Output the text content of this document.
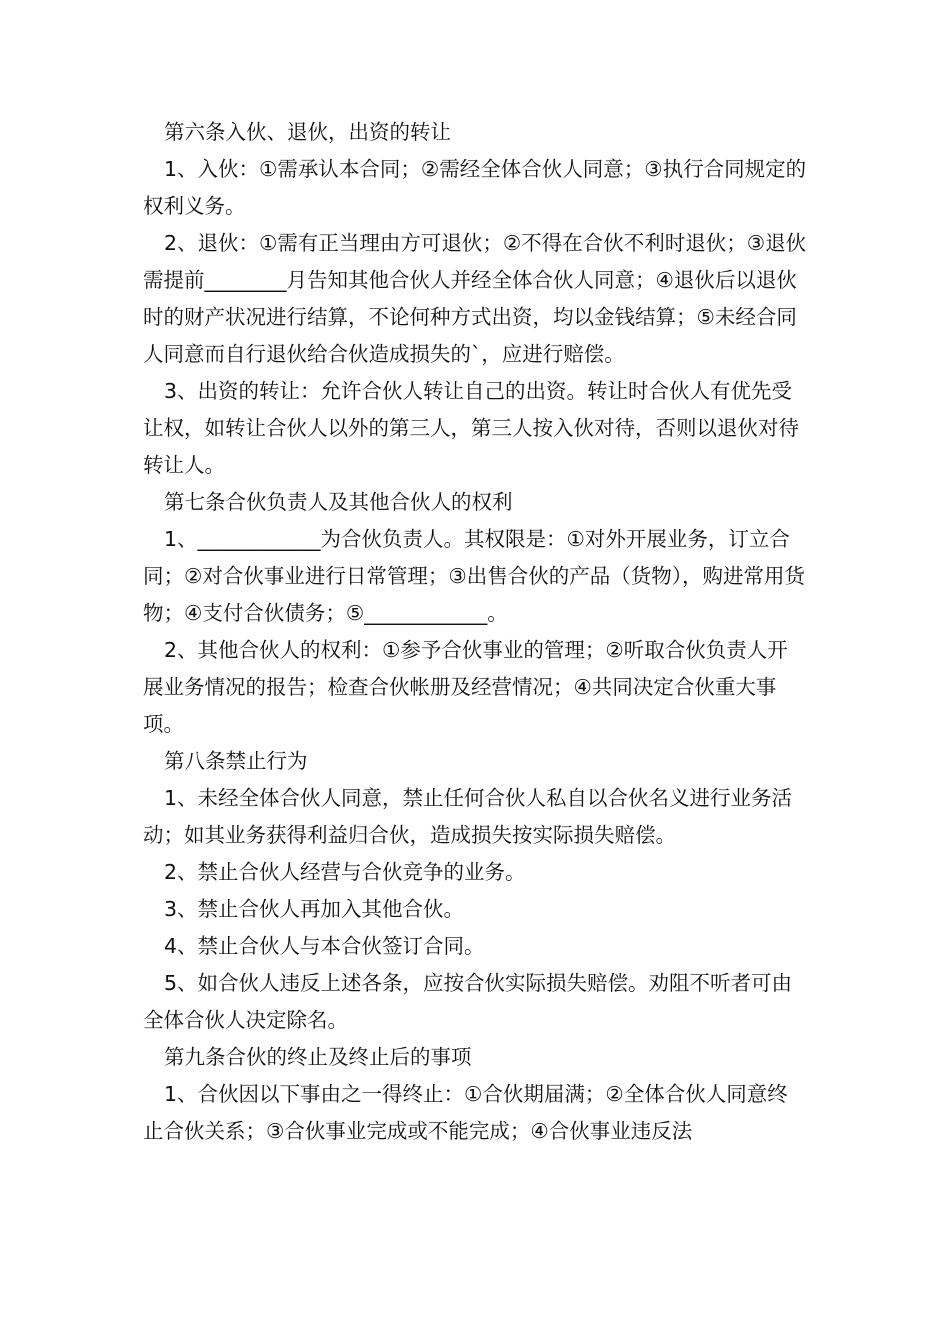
第六条入伙、退伙，出资的转让

1、入伙：①需承认本合同；②需经全体合伙人同意；③执行合同规定的权利义务。

2、退伙：①需有正当理由方可退伙；②不得在合伙不利时退伙；③退伙需提前________月告知其他合伙人并经全体合伙人同意；④退伙后以退伙时的财产状况进行结算，不论何种方式出资，均以金钱结算；⑤未经合同人同意而自行退伙给合伙造成损失的`，应进行赔偿。

3、出资的转让：允许合伙人转让自己的出资。转让时合伙人有优先受让权，如转让合伙人以外的第三人，第三人按入伙对待，否则以退伙对待转让人。

第七条合伙负责人及其他合伙人的权利

1、____________为合伙负责人。其权限是：①对外开展业务，订立合同；②对合伙事业进行日常管理；③出售合伙的产品（货物），购进常用货物；④支付合伙债务；⑤____________。

2、其他合伙人的权利：①参予合伙事业的管理；②听取合伙负责人开展业务情况的报告；检查合伙帐册及经营情况；④共同决定合伙重大事项。

第八条禁止行为

1、未经全体合伙人同意，禁止任何合伙人私自以合伙名义进行业务活动；如其业务获得利益归合伙，造成损失按实际损失赔偿。

2、禁止合伙人经营与合伙竞争的业务。

3、禁止合伙人再加入其他合伙。

4、禁止合伙人与本合伙签订合同。

5、如合伙人违反上述各条，应按合伙实际损失赔偿。劝阻不听者可由全体合伙人决定除名。

第九条合伙的终止及终止后的事项

1、合伙因以下事由之一得终止：①合伙期届满；②全体合伙人同意终止合伙关系；③合伙事业完成或不能完成；④合伙事业违反法
